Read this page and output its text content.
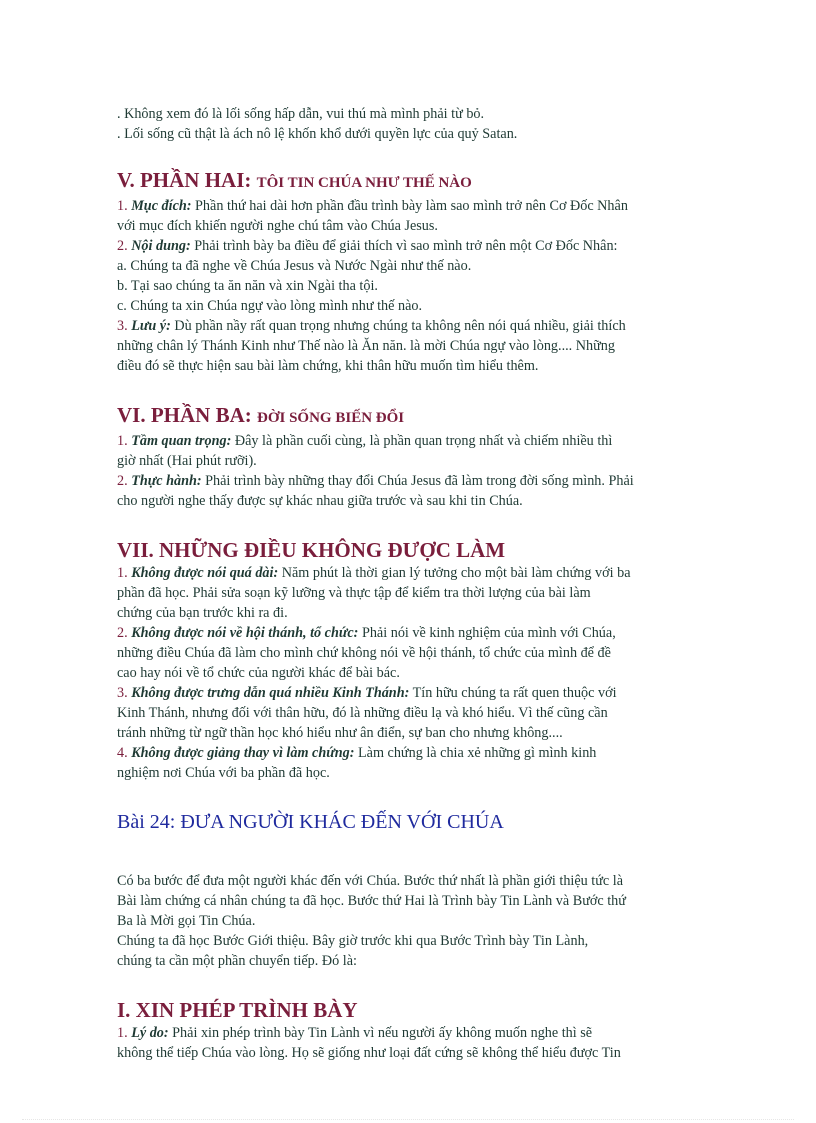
. Không xem đó là lối sống hấp dẫn, vui thú mà mình phải từ bỏ.

. Lối sống cũ thật là ách nô lệ khốn khổ dưới quyền lực của quỷ Satan.

V. PHẦN HAI: TÔI TIN CHÚA NHƯ THẾ NÀO

1. Mục đích: Phần thứ hai dài hơn phần đầu trình bày làm sao mình trở nên Cơ Đốc Nhân

với mục đích khiến người nghe chú tâm vào Chúa Jesus.

2. Nội dung: Phải trình bày ba điều để giải thích vì sao mình trở nên một Cơ Đốc Nhân:

a. Chúng ta đã nghe về Chúa Jesus và Nước Ngài như thế nào.

b. Tại sao chúng ta ăn năn và xin Ngài tha tội.

c. Chúng ta xin Chúa ngự vào lòng mình như thế nào.

3. Lưu ý: Dù phần nầy rất quan trọng nhưng chúng ta không nên nói quá nhiều, giải thích

những chân lý Thánh Kinh như Thế nào là Ăn năn. là mời Chúa ngự vào lòng.... Những

điều đó sẽ thực hiện sau bài làm chứng, khi thân hữu muốn tìm hiểu thêm.

VI. PHẦN BA: ĐỜI SỐNG BIẾN ĐỔI

1. Tầm quan trọng: Đây là phần cuối cùng, là phần quan trọng nhất và chiếm nhiều thì

giờ nhất (Hai phút rưỡi).

2. Thực hành: Phải trình bày những thay đổi Chúa Jesus đã làm trong đời sống mình. Phải

cho người nghe thấy được sự khác nhau giữa trước và sau khi tin Chúa.

VII. NHỮNG ĐIỀU KHÔNG ĐƯỢC LÀM

1. Không được nói quá dài: Năm phút là thời gian lý tưởng cho một bài làm chứng với ba

phần đã học. Phải sửa soạn kỹ lưỡng và thực tập để kiểm tra thời lượng của bài làm

chứng của bạn trước khi ra đi.

2. Không được nói về hội thánh, tổ chức: Phải nói về kinh nghiệm của mình với Chúa,

những điều Chúa đã làm cho mình chứ không nói về hội thánh, tổ chức của mình để đề

cao hay nói về tổ chức của người khác để bài bác.

3. Không được trưng dẫn quá nhiều Kinh Thánh: Tín hữu chúng ta rất quen thuộc với

Kinh Thánh, nhưng đối với thân hữu, đó là những điều lạ và khó hiểu. Vì thế cũng cần

tránh những từ ngữ thần học khó hiểu như ân điển, sự ban cho nhưng không....

4. Không được giảng thay vì làm chứng: Làm chứng là chia xẻ những gì mình kinh

nghiệm nơi Chúa với ba phần đã học.

Bài 24: ĐƯA NGƯỜI KHÁC ĐẾN VỚI CHÚA

Có ba bước để đưa một người khác đến với Chúa. Bước thứ nhất là phần giới thiệu tức là

Bài làm chứng cá nhân chúng ta đã học. Bước thứ Hai là Trình bày Tin Lành và Bước thứ

Ba là Mời gọi Tin Chúa.

Chúng ta đã học Bước Giới thiệu. Bây giờ trước khi qua Bước Trình bày Tin Lành,

chúng ta cần một phần chuyển tiếp. Đó là:

I. XIN PHÉP TRÌNH BÀY

1. Lý do: Phải xin phép trình bày Tin Lành vì nếu người ấy không muốn nghe thì sẽ

không thể tiếp Chúa vào lòng. Họ sẽ giống như loại đất cứng sẽ không thể hiểu được Tin
